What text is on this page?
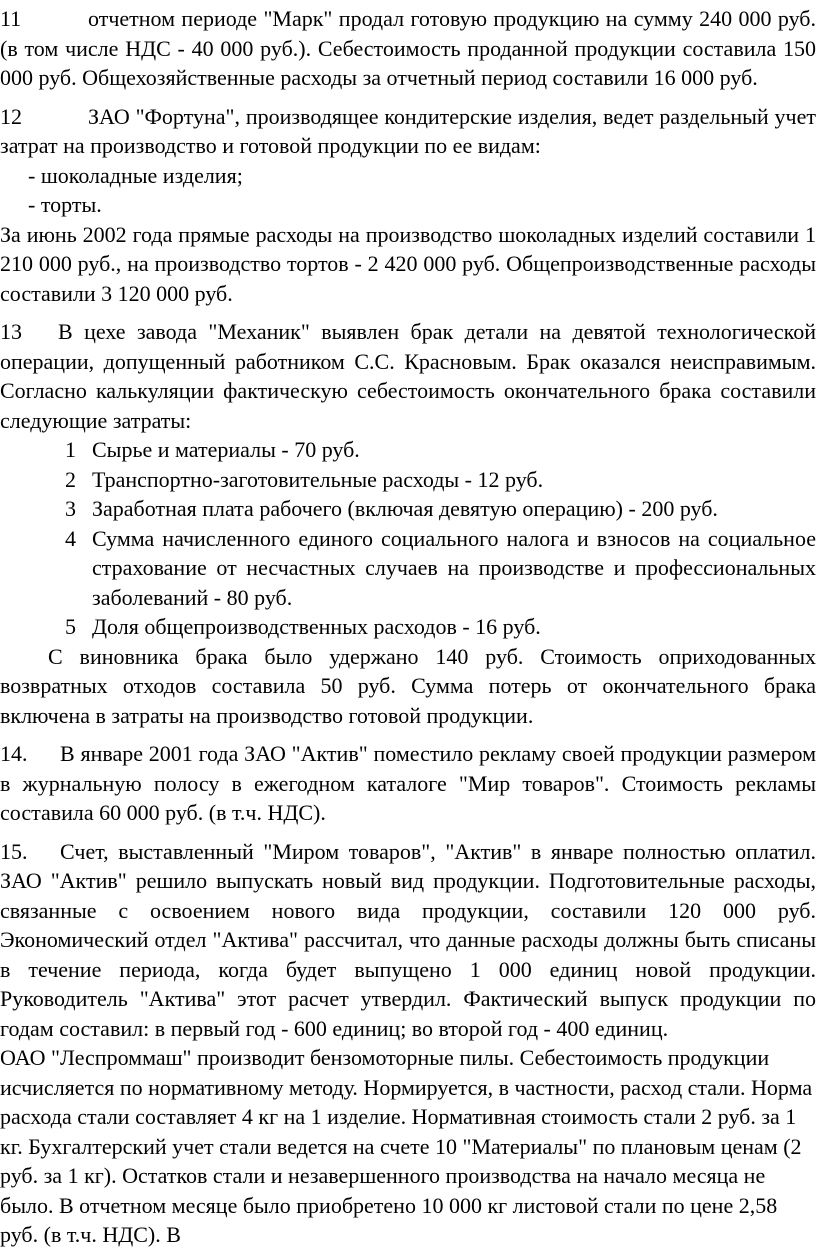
11	отчетном периоде "Марк" продал готовую продукцию на сумму 240 000 руб. (в том числе НДС - 40 000 руб.). Себестоимость проданной продукции составила 150 000 руб. Общехозяйственные расходы за отчетный период составили 16 000 руб.

12	ЗАО "Фортуна", производящее кондитерские изделия, ведет раздельный учет затрат на производство и готовой продукции по ее видам:

- шоколадные изделия;
- торты.

За июнь 2002 года прямые расходы на производство шоколадных изделий составили 1 210 000 руб., на производство тортов - 2 420 000 руб. Общепроизводственные расходы составили 3 120 000 руб.

13 В цехе завода "Механик" выявлен брак детали на девятой технологической операции, допущенный работником С.С. Красновым. Брак оказался неисправимым. Согласно калькуляции фактическую себестоимость окончательного брака составили следующие затраты:

1 Сырье и материалы - 70 руб.
2 Транспортно-заготовительные расходы - 12 руб.
3 Заработная плата рабочего (включая девятую операцию) - 200 руб.
4 Сумма начисленного единого социального налога и взносов на социальное страхование от несчастных случаев на производстве и профессиональных заболеваний - 80 руб.
5 Доля общепроизводственных расходов - 16 руб.

С виновника брака было удержано 140 руб. Стоимость оприходованных возвратных отходов составила 50 руб. Сумма потерь от окончательного брака включена в затраты на производство готовой продукции.

14. В январе 2001 года ЗАО "Актив" поместило рекламу своей продукции размером в журнальную полосу в ежегодном каталоге "Мир товаров". Стоимость рекламы составила 60 000 руб. (в т.ч. НДС).

15. Счет, выставленный "Миром товаров", "Актив" в январе полностью оплатил. ЗАО "Актив" решило выпускать новый вид продукции. Подготовительные расходы, связанные с освоением нового вида продукции, составили 120 000 руб. Экономический отдел "Актива" рассчитал, что данные расходы должны быть списаны в течение периода, когда будет выпущено 1 000 единиц новой продукции. Руководитель "Актива" этот расчет утвердил. Фактический выпуск продукции по годам составил: в первый год - 600 единиц; во второй год - 400 единиц.

ОАО "Леспроммаш" производит бензомоторные пилы. Себестоимость продукции исчисляется по нормативному методу. Нормируется, в частности, расход стали. Норма расхода стали составляет 4 кг на 1 изделие. Нормативная стоимость стали 2 руб. за 1 кг. Бухгалтерский учет стали ведется на счете 10 "Материалы" по плановым ценам (2 руб. за 1 кг). Остатков стали и незавершенного производства на начало месяца не было. В отчетном месяце было приобретено 10 000 кг листовой стали по цене 2,58 руб. (в т.ч. НДС). В
